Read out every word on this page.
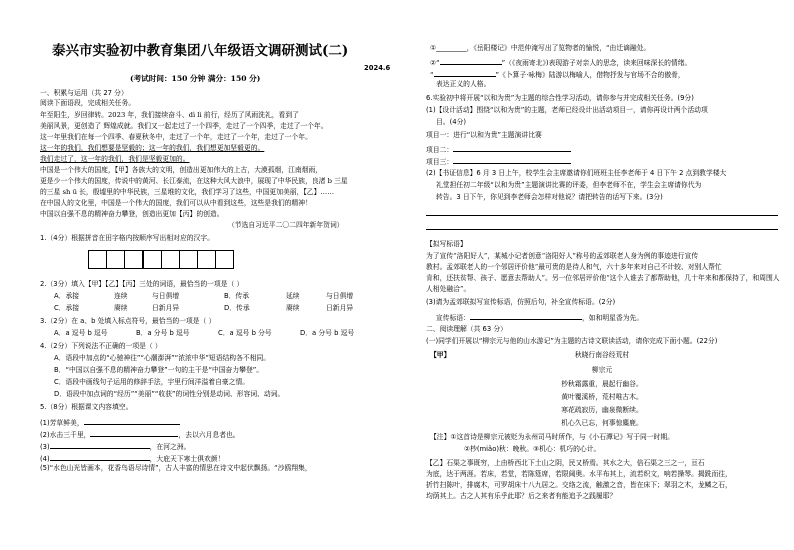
泰兴市实验初中教育集团八年级语文调研测试(二)
2024.6
(考试时间：150 分钟 满分：150 分)
一、积累与运用（共 27 分）
阅读下面语段，完成相关任务。
年至阳生，岁回律转。2023 年，我们接续奋斗、dì lì 前行，经历了风雨洗礼，看到了
美丽风景，更创造了 辉煌成就。我们又一起走过了一个四季，走过了一个四季，走过了一个年。
这一年里我们在每一个四季、春夏秋冬中，走过了一个年，走过了一个年，走过了一个年。
这一年的我们，我们想要是坚毅的；这一年的我们，我们想更加坚毅更的。
我们走过了，这一年的我们，我们是坚毅更加的。
中国是一个伟大的国度，【甲】各族大的文明，创造出更加伟大的上古，大漠孤烟，江南烟雨，
更是少一个伟大的国度，传说中的黄河、长江泰流，在这种大风大浪中，展现了中华民族，良渚 b 三星
的三星 sh ū 长，殷墟里的中华民族，三星堆的文化，我们学习了这些，中国更加美丽，【乙】……
在中国人的文化里，中国是一个伟大的国度，我们可以从中看到这些，这些是我们的精神！
中国以自强不息的精神奋力攀登，创造出更加【丙】的创造。
（节选自习近平二〇二四年新年贺词）
1.（4分）根据拼音在田字格内按顺序写出相对应的汉字。
2.（3分）填入【甲】【乙】【丙】三处的词语，最恰当的一项是（ ）
A．承接	连续	与日俱增	B．传承	延续	与日俱增
C．承接	赓续	日新月异	D．传承	赓续	日新月异
3.（2分）在 a、b 处填入标点符号，最恰当的一项是（ ）
A．a 逗号 b 逗号	B．a 分号 b 逗号	C．a 逗号 b 分号	D．a 分号 b 逗号
4.（2分）下列说法不正确的一项是（ ）
A．语段中加点的“心驰神往”“心潮澎湃”“浓浓中华”短语结构各不相同。
B．“中国以自强不息的精神奋力攀登”一句的主干是“中国奋力攀登”。
C．语段中画线句子运用的修辞手法，宇里行间洋溢着自豪之情。
D．语段中加点词的“经历”“美丽”“收获”的词性分别是动词、形容词、动词。
5.（8分）根据课文内容填空。
(1)芳草鲜美，
(2)水击三千里，	，去以六月息者也。
(3)	，在河之洲。
(4)	，大庇天下寒士俱欢颜！
(5)“水色山光皆画本，花香鸟语尽诗情”，古人丰富的情思在诗文中起伏飘扬。“沙鸥翔集，
①_________，《岳阳楼记》中范仲淹写出了览物者的愉悦，“由迁谪融处。
②“	”（《夜雨寄北》)表现游子对亲人的思念，读来回味深长的情绪。
“	”《卜算子·咏梅》陆游以梅喻人，借物抒发与官场不合的傲骨，
表达正义的人格。
6.实验初中将开展“以和为贵”为主题的综合性学习活动，请你参与并完成相关任务。(9分)
(1)【设计活动】围绕“以和为贵”的主题，老师已经设计出活动项目一，请你再设计两个活动项
目。(4分)
项目一：进行“以和为贵”主题演讲比赛
项目二：
项目三：
(2)【书证信息】6 月 3 日上午，校学生会主席邀请你们班班主任李老师于 4 日下午 2 点到教学楼大
礼堂担任初二年级“以和为贵”主题演讲比赛的评委，但李老师不在，学生会主席请你代为
转告。3 日下午，你见到李老师会怎样对他说？请把转告的话写下来。(3分)
【拟写标语】
为了宣传“洛阳好人”，某城小记者创意“洛阳好人”称号的孟郊联老人身为例的事迹进行宣传
教村。孟郊联老人的一个邻居评价他“最可贵的是待人和气，六十多年来对自己不计较、对别人帮忙
肯和，还扶贫帮、孩子、愿意去帮助人”。另一位邻居评价他“这个人谁去了都帮助他，几十年来和都保持了，和周围人
人相处融洽”。
(3)请为孟郊联拟写宣传标语，仿照后句，补全宣传标语。(2分)
宣传标语：	，如和明星香为先。
二、阅读理解（共 63 分）
(一)同学们开展以“柳宗元与他的山水游记”为主题的古诗文联读活动，请你完成下面小题。(22分)
【甲】	秋晓行南谷经荒村
柳宗元
杪秋霜露重，晨起行幽谷。
黄叶覆溪桥，荒村唯古木。
寒花疏寂历，幽泉微断续。
机心久已忘，何事惊麋鹿。
【注】①这首诗是柳宗元被贬为永州司马时所作，与《小石潭记》写于同一时期。
②杪(miǎo)秋：晚秋。③机心：机巧的心计。
【乙】石渠之事既穷，上由桥西北下土山之阴，民又桥焉。其水之大，倍石渠之三之一，亘石
为底，达于两涯。若床，若堂，若陈筵席，若限阃奥。水平布其上，流若织文，响若操琴。揭跣而往，
折竹扫陈叶，排腐木，可罗胡床十八九居之。交络之流，触激之音，皆在床下；翠羽之木，龙鳞之石，
均荫其上。古之人其有乐乎此耶？后之来者有能追予之践履耶？
